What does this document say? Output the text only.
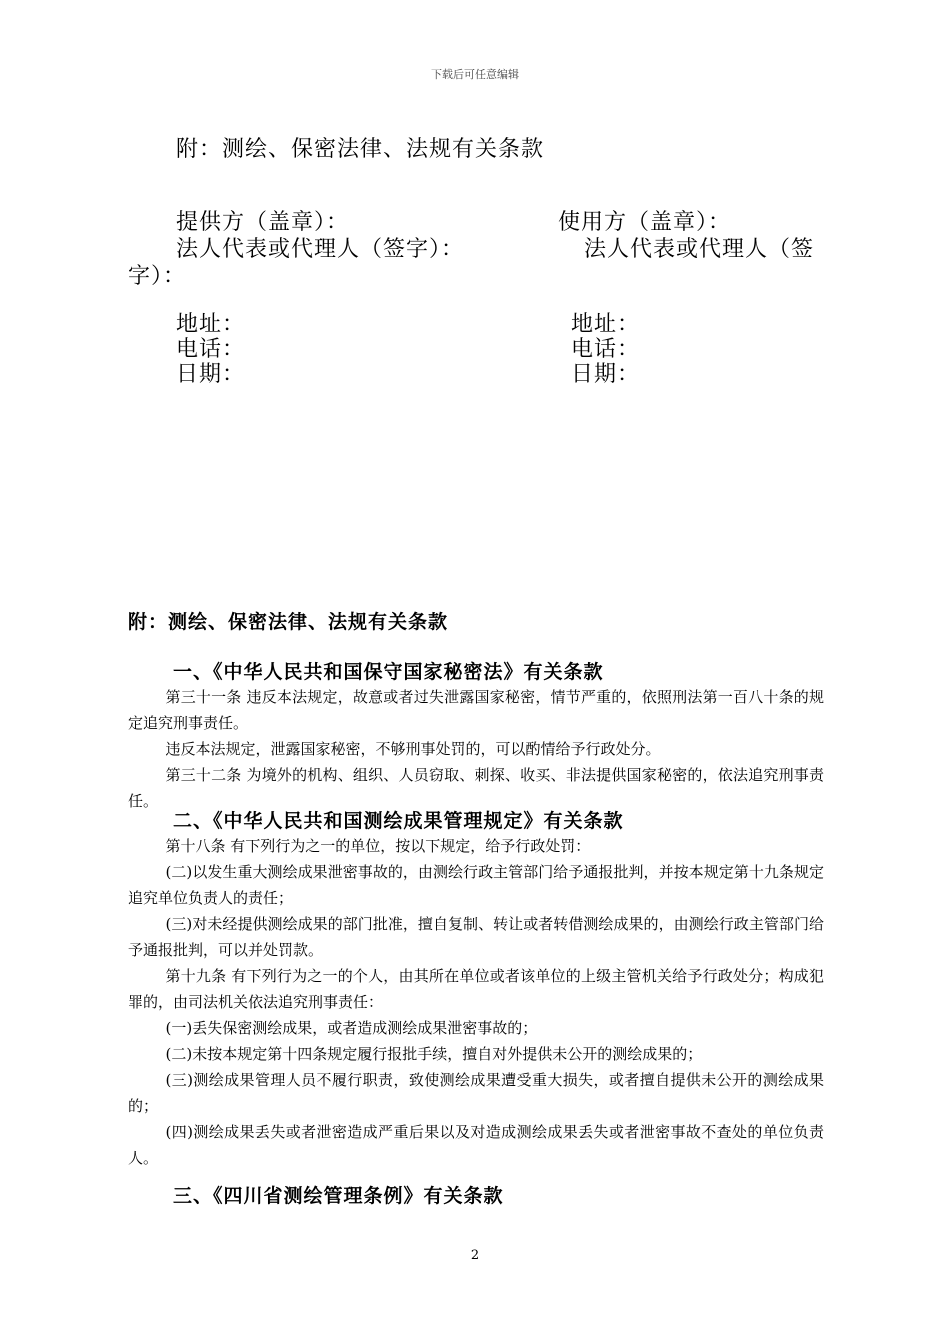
下载后可任意编辑
附：测绘、保密法律、法规有关条款
提供方（盖章）：	使用方（盖章）：
法人代表或代理人（签字）：	法人代表或代理人（签
字）：
地址：
电话：
日期：
地址：
电话：
日期：
附：测绘、保密法律、法规有关条款
一、《中华人民共和国保守国家秘密法》有关条款

第三十一条 违反本法规定，故意或者过失泄露国家秘密，情节严重的，依照刑法第一百八十条的规定追究刑事责任。

违反本法规定，泄露国家秘密，不够刑事处罚的，可以酌情给予行政处分。

第三十二条 为境外的机构、组织、人员窃取、刺探、收买、非法提供国家秘密的，依法追究刑事责任。

二、《中华人民共和国测绘成果管理规定》有关条款

第十八条 有下列行为之一的单位，按以下规定，给予行政处罚：

(二)以发生重大测绘成果泄密事故的，由测绘行政主管部门给予通报批判，并按本规定第十九条规定追究单位负责人的责任；

(三)对未经提供测绘成果的部门批准，擅自复制、转让或者转借测绘成果的，由测绘行政主管部门给予通报批判，可以并处罚款。

第十九条 有下列行为之一的个人，由其所在单位或者该单位的上级主管机关给予行政处分；构成犯罪的，由司法机关依法追究刑事责任：

(一)丢失保密测绘成果，或者造成测绘成果泄密事故的；

(二)未按本规定第十四条规定履行报批手续，擅自对外提供未公开的测绘成果的；

(三)测绘成果管理人员不履行职责，致使测绘成果遭受重大损失，或者擅自提供未公开的测绘成果的；

(四)测绘成果丢失或者泄密造成严重后果以及对造成测绘成果丢失或者泄密事故不查处的单位负责人。

三、《四川省测绘管理条例》有关条款
2
